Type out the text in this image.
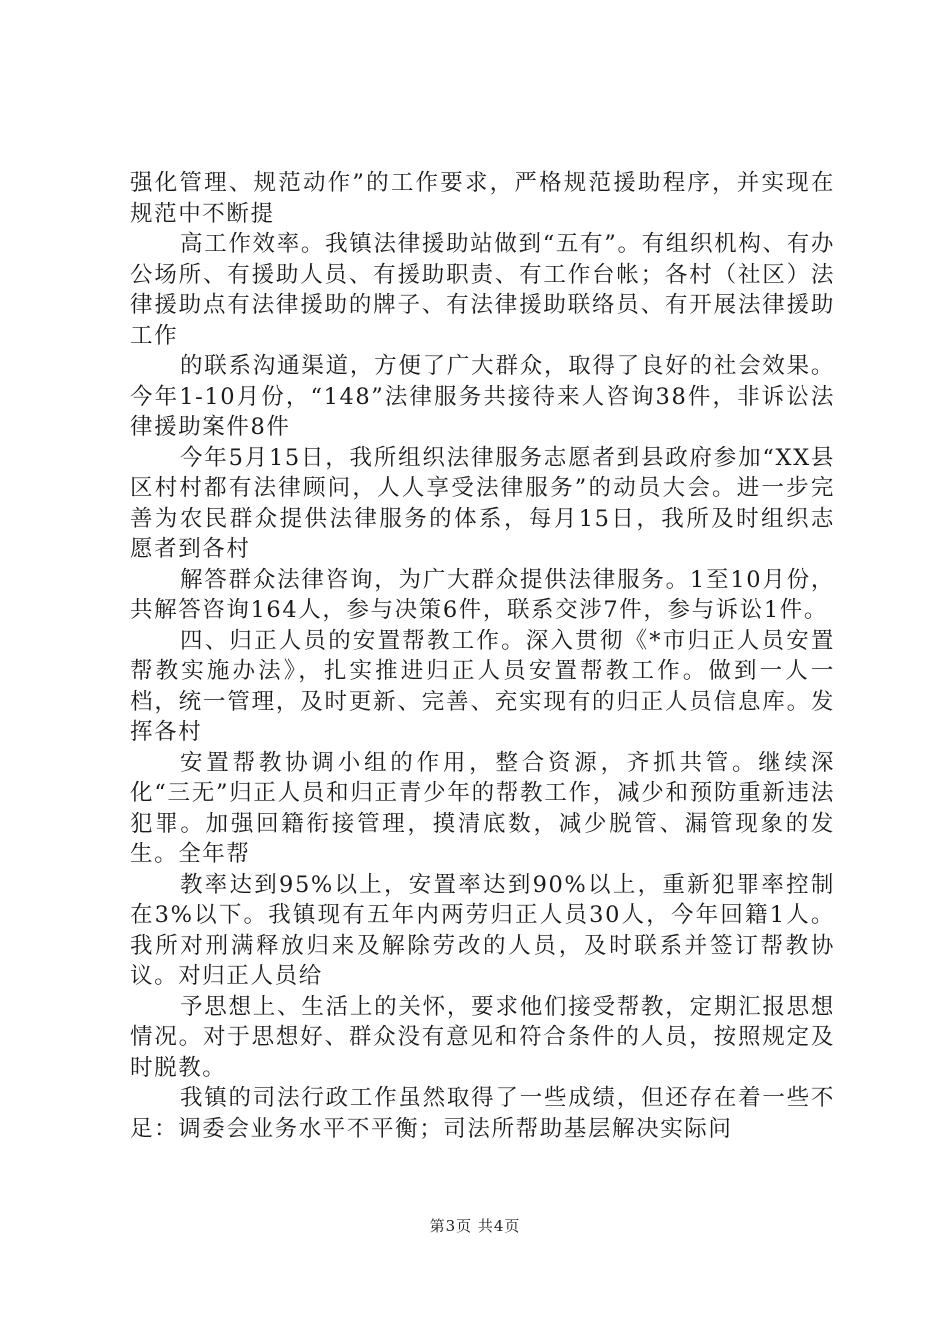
强化管理、规范动作”的工作要求，严格规范援助程序，并实现在规范中不断提

高工作效率。我镇法律援助站做到“五有”。有组织机构、有办公场所、有援助人员、有援助职责、有工作台帐；各村（社区）法律援助点有法律援助的牌子、有法律援助联络员、有开展法律援助工作

的联系沟通渠道，方便了广大群众，取得了良好的社会效果。今年1-10月份，“148”法律服务共接待来人咨询38件，非诉讼法律援助案件8件

今年5月15日，我所组织法律服务志愿者到县政府参加“XX县区村村都有法律顾问，人人享受法律服务”的动员大会。进一步完善为农民群众提供法律服务的体系，每月15日，我所及时组织志愿者到各村

解答群众法律咨询，为广大群众提供法律服务。1至10月份，共解答咨询164人，参与决策6件，联系交涉7件，参与诉讼1件。

四、归正人员的安置帮教工作。深入贯彻《*市归正人员安置帮教实施办法》，扎实推进归正人员安置帮教工作。做到一人一档，统一管理，及时更新、完善、充实现有的归正人员信息库。发挥各村

安置帮教协调小组的作用，整合资源，齐抓共管。继续深化“三无”归正人员和归正青少年的帮教工作，减少和预防重新违法犯罪。加强回籍衔接管理，摸清底数，减少脱管、漏管现象的发生。全年帮

教率达到95%以上，安置率达到90%以上，重新犯罪率控制在3%以下。我镇现有五年内两劳归正人员30人，今年回籍1人。我所对刑满释放归来及解除劳改的人员，及时联系并签订帮教协议。对归正人员给

予思想上、生活上的关怀，要求他们接受帮教，定期汇报思想情况。对于思想好、群众没有意见和符合条件的人员，按照规定及时脱教。

我镇的司法行政工作虽然取得了一些成绩，但还存在着一些不足：调委会业务水平不平衡；司法所帮助基层解决实际问

第3页 共4页
